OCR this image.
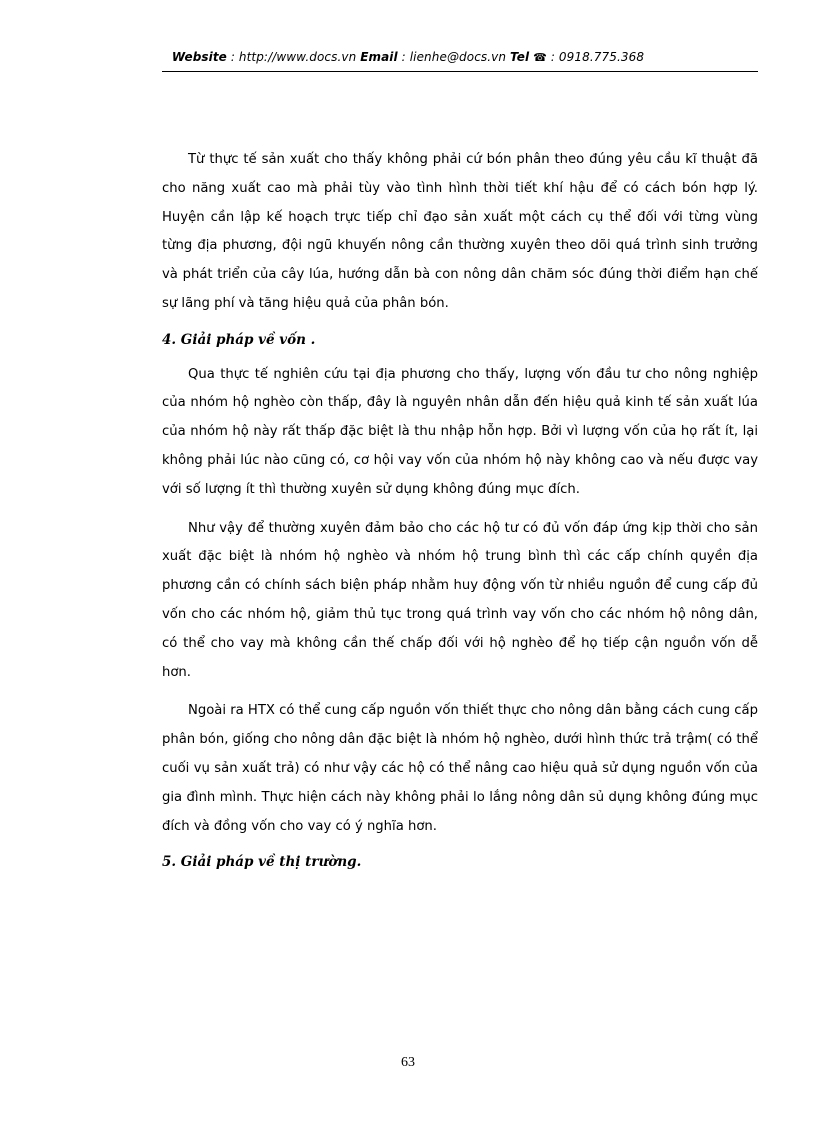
Website : http://www.docs.vn Email : lienhe@docs.vn Tel ☎ : 0918.775.368

Từ thực tế sản xuất cho thấy không phải cứ bón phân theo đúng yêu cầu kĩ thuật đã cho năng xuất cao mà phải tùy vào tình hình thời tiết khí hậu để có cách bón hợp lý. Huyện cần lập kế hoạch trực tiếp chỉ đạo sản xuất một cách cụ thể đối với từng vùng từng địa phương, đội ngũ khuyến nông cần thường xuyên theo dõi quá trình sinh trưởng và phát triển của cây lúa, hướng dẫn bà con nông dân chăm sóc đúng thời điểm hạn chế sự lãng phí và tăng hiệu quả của phân bón.

4. Giải pháp về vốn .

Qua thực tế nghiên cứu tại địa phương cho thấy, lượng vốn đầu tư cho nông nghiệp của nhóm hộ nghèo còn thấp, đây là nguyên nhân dẫn đến hiệu quả kinh tế sản xuất lúa của nhóm hộ này rất thấp đặc biệt là thu nhập hỗn hợp. Bởi vì lượng vốn của họ rất ít, lại không phải lúc nào cũng có, cơ hội vay vốn của nhóm hộ này không cao và nếu được vay với số lượng ít thì thường xuyên sử dụng không đúng mục đích.

Như vậy để thường xuyên đảm bảo cho các hộ tư có đủ vốn đáp ứng kịp thời cho sản xuất đặc biệt là nhóm hộ nghèo và nhóm hộ trung bình thì các cấp chính quyền địa phương cần có chính sách biện pháp nhằm huy động vốn từ nhiều nguồn để cung cấp đủ vốn cho các nhóm hộ, giảm thủ tục trong quá trình vay vốn cho các nhóm hộ nông dân, có thể cho vay mà không cần thế chấp đối với hộ nghèo để họ tiếp cận nguồn vốn dễ hơn.

Ngoài ra HTX có thể cung cấp nguồn vốn thiết thực cho nông dân bằng cách cung cấp phân bón, giống cho nông dân đặc biệt là nhóm hộ nghèo, dưới hình thức trả trậm( có thể cuối vụ sản xuất trả) có như vậy các hộ có thể nâng cao hiệu quả sử dụng nguồn vốn của gia đình mình. Thực hiện cách này không phải lo lắng nông dân sủ dụng không đúng mục đích và đồng vốn cho vay có ý nghĩa hơn.

5. Giải pháp về thị trường.

63
